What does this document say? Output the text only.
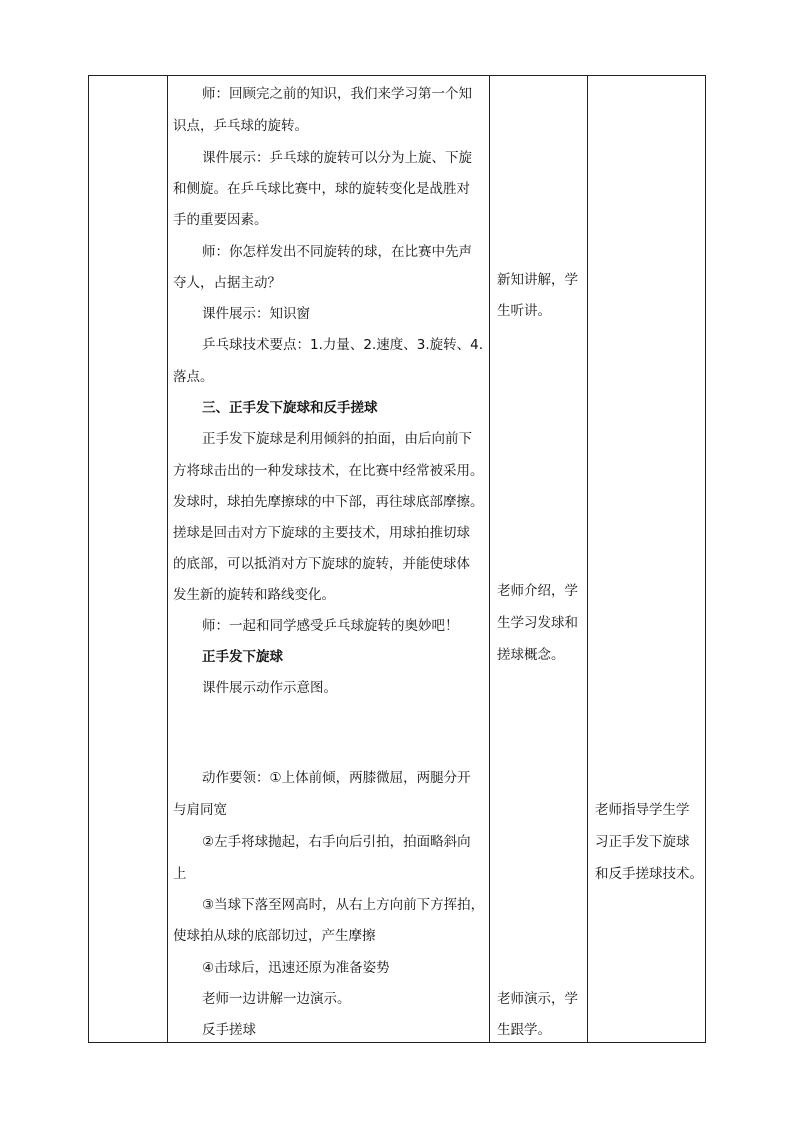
师：回顾完之前的知识，我们来学习第一个知
识点，乒乓球的旋转。
课件展示：乒乓球的旋转可以分为上旋、下旋
和侧旋。在乒乓球比赛中，球的旋转变化是战胜对
手的重要因素。
师：你怎样发出不同旋转的球，在比赛中先声
夺人，占据主动？
课件展示：知识窗
乒乓球技术要点：1.力量、2.速度、3.旋转、4.
落点。
三、正手发下旋球和反手搓球
正手发下旋球是利用倾斜的拍面，由后向前下
方将球击出的一种发球技术，在比赛中经常被采用。
发球时，球拍先摩擦球的中下部，再往球底部摩擦。
搓球是回击对方下旋球的主要技术，用球拍推切球
的底部，可以抵消对方下旋球的旋转，并能使球体
发生新的旋转和路线变化。
师：一起和同学感受乒乓球旋转的奥妙吧！
正手发下旋球
课件展示动作示意图。
动作要领：①上体前倾，两膝微屈，两腿分开
与肩同宽
②左手将球抛起，右手向后引拍，拍面略斜向
上
③当球下落至网高时，从右上方向前下方挥拍，
使球拍从球的底部切过，产生摩擦
④击球后，迅速还原为准备姿势
老师一边讲解一边演示。
反手搓球
新知讲解，学
生听讲。
老师介绍，学
生学习发球和
搓球概念。
老师演示，学
生跟学。
老师指导学生学
习正手发下旋球
和反手搓球技术。
